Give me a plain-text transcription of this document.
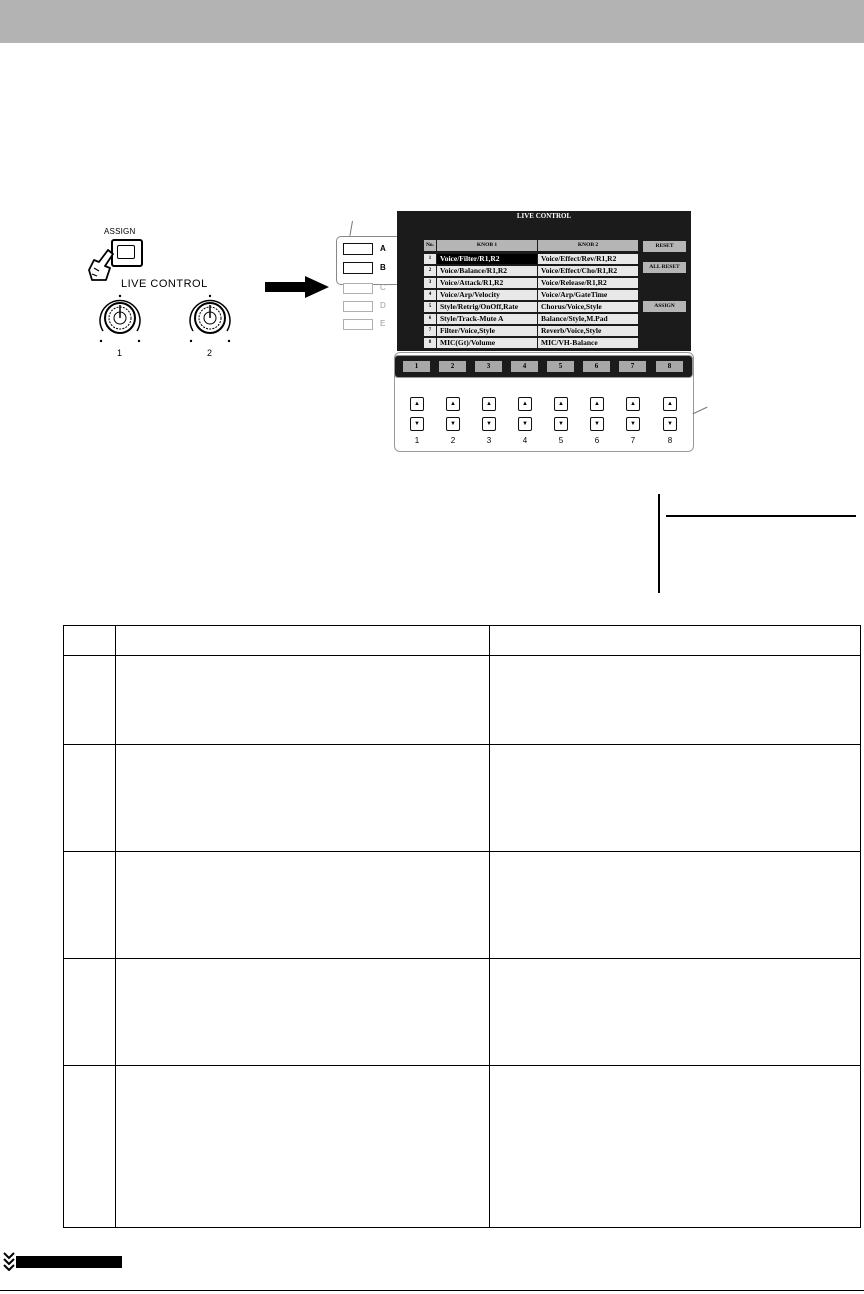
ASSIGN
LIVE CONTROL
1	2
A
B
C
D
E
LIVE CONTROL
No.	KNOB 1	KNOB 2
1	Voice/Filter/R1,R2	Voice/Effect/Rev/R1,R2
2	Voice/Balance/R1,R2	Voice/Effect/Cho/R1,R2
3	Voice/Attack/R1,R2	Voice/Release/R1,R2
4	Voice/Arp/Velocity	Voice/Arp/GateTime
5	Style/Retrig/OnOff,Rate	Chorus/Voice,Style
6	Style/Track-Mute A	Balance/Style,M.Pad
7	Filter/Voice,Style	Reverb/Voice,Style
8	MIC(Gt)/Volume	MIC/VH-Balance
RESET
ALL RESET
ASSIGN
1	2	3	4	5	6	7	8
▲
▼
1
▲
▼
2
▲
▼
3
▲
▼
4
▲
▼
5
▲
▼
6
▲
▼
7
▲
▼
8
